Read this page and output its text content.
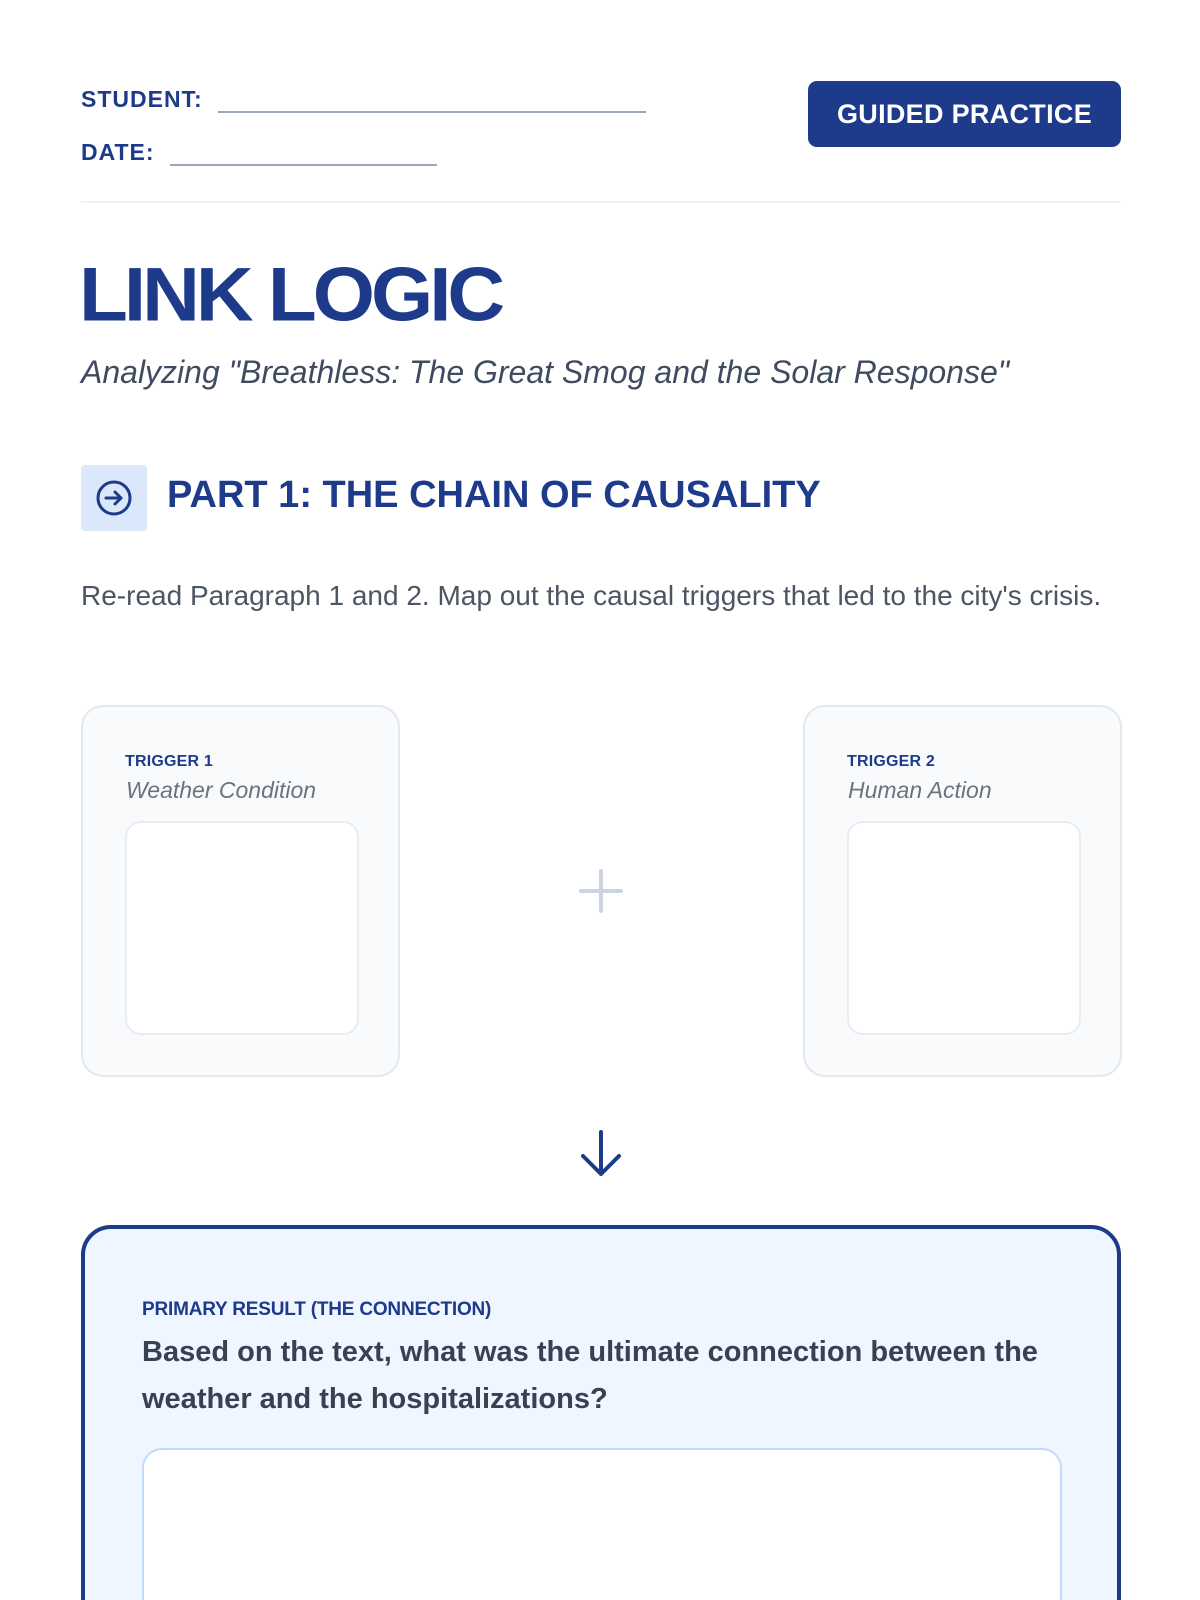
STUDENT:
DATE:
GUIDED PRACTICE
LINK LOGIC
Analyzing "Breathless: The Great Smog and the Solar Response"
PART 1: THE CHAIN OF CAUSALITY
Re-read Paragraph 1 and 2. Map out the causal triggers that led to the city's crisis.
TRIGGER 1
Weather Condition
TRIGGER 2
Human Action
PRIMARY RESULT (THE CONNECTION)
Based on the text, what was the ultimate connection between the weather and the hospitalizations?
